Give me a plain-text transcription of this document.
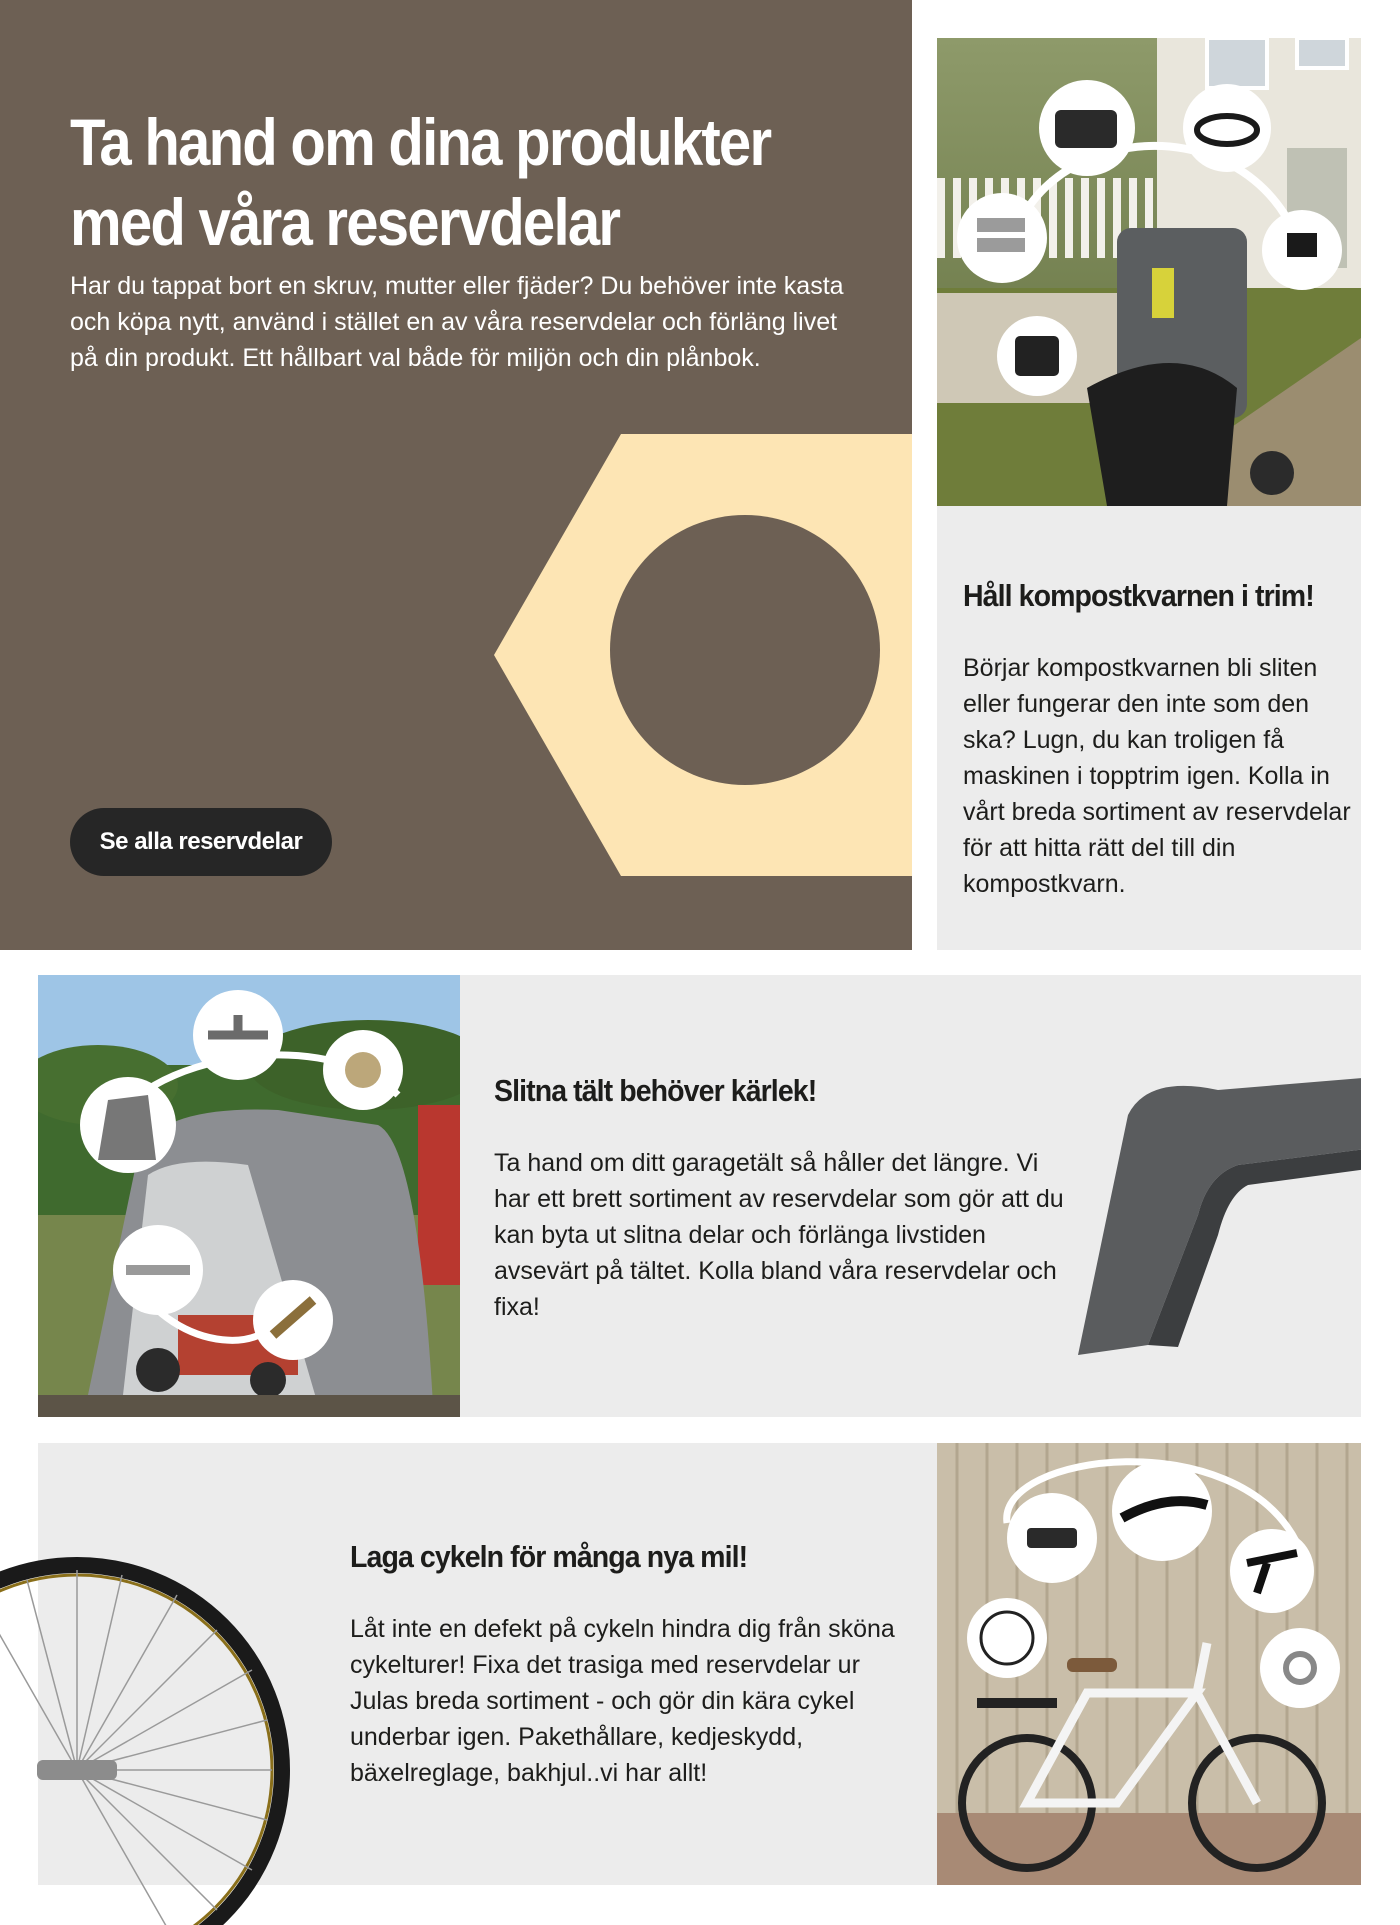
Ta hand om dina produkter
med våra reservdelar

Har du tappat bort en skruv, mutter eller fjäder? Du behöver inte kasta och köpa nytt, använd i stället en av våra reservdelar och förläng livet på din produkt. Ett hållbart val både för miljön och din plånbok.

Se alla reservdelar
Håll kompostkvarnen i trim!

Börjar kompostkvarnen bli sliten eller fungerar den inte som den ska? Lugn, du kan troligen få maskinen i topptrim igen. Kolla in vårt breda sortiment av reservdelar för att hitta rätt del till din kompostkvarn.

Slitna tält behöver kärlek!

Ta hand om ditt garagetält så håller det längre. Vi har ett brett sortiment av reservdelar som gör att du kan byta ut slitna delar och förlänga livstiden avsevärt på tältet. Kolla bland våra reservdelar och fixa!

Laga cykeln för många nya mil!

Låt inte en defekt på cykeln hindra dig från sköna cykelturer! Fixa det trasiga med reservdelar ur Julas breda sortiment - och gör din kära cykel underbar igen. Pakethållare, kedjeskydd, bäxelreglage, bakhjul..vi har allt!
